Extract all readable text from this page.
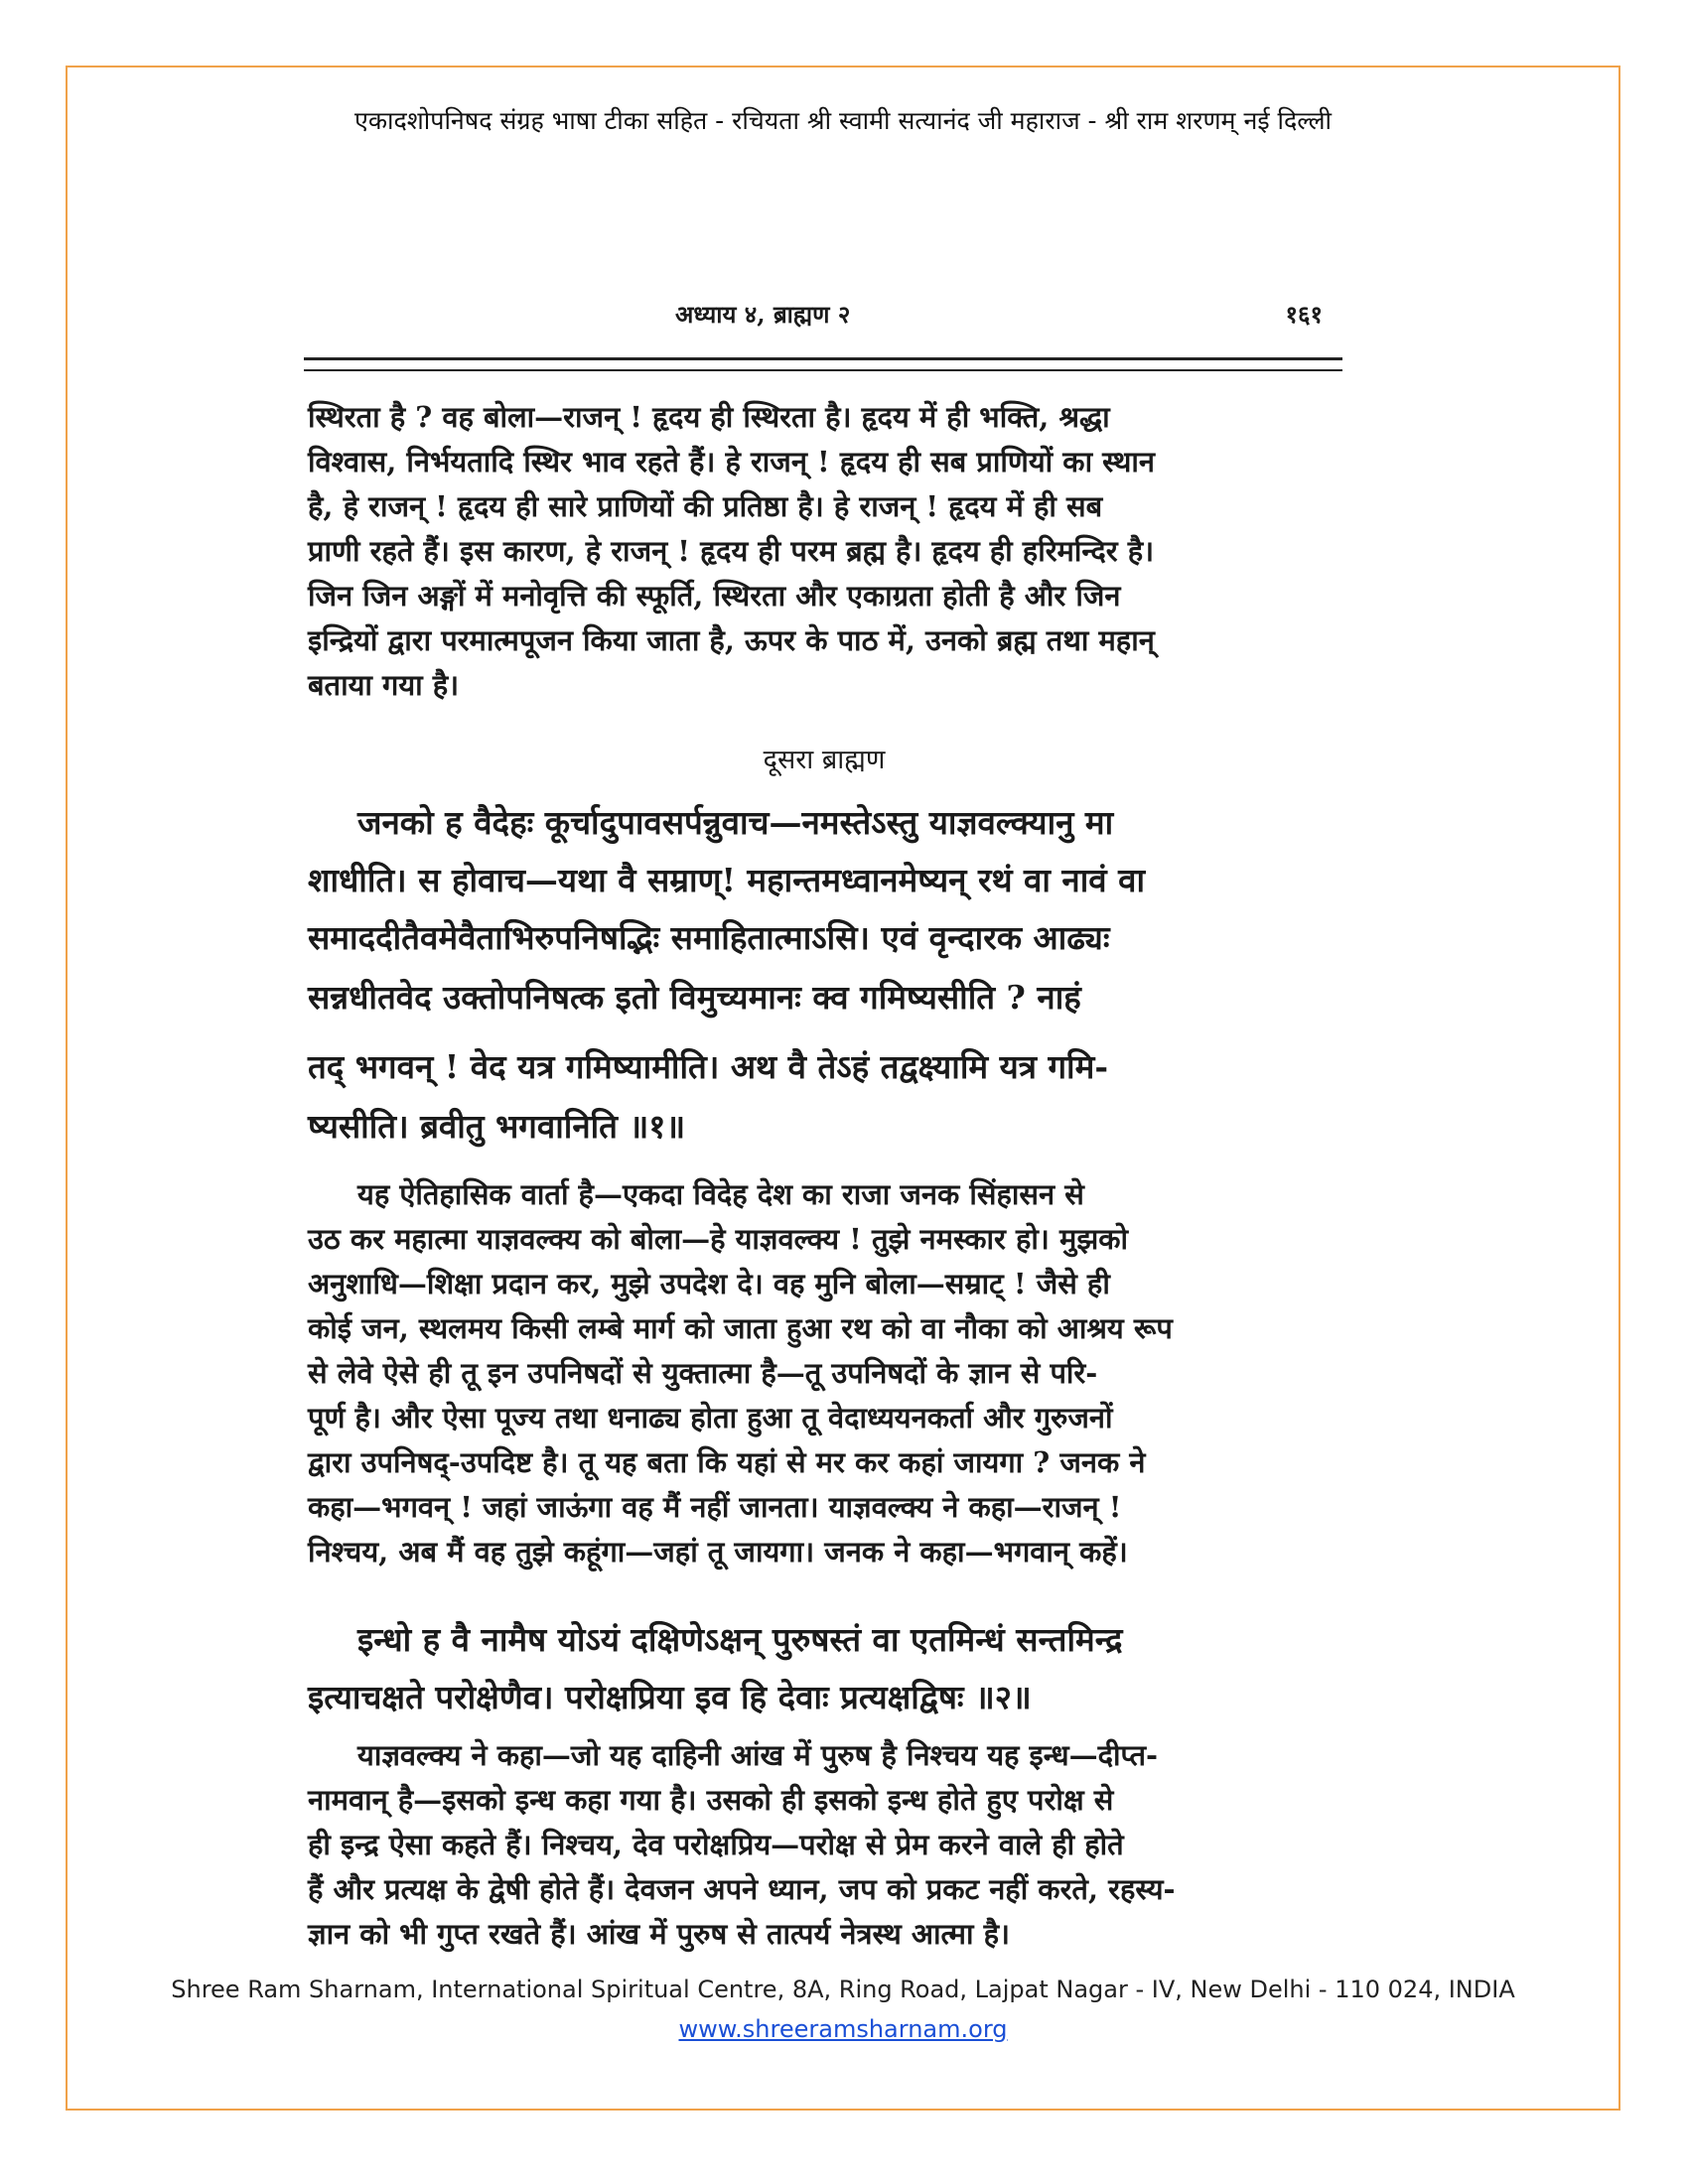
एकादशोपनिषद संग्रह भाषा टीका सहित - रचियता श्री स्वामी सत्यानंद जी महाराज - श्री राम शरणम् नई दिल्ली
अध्याय ४, ब्राह्मण २	१६१
स्थिरता है ? वह बोला—राजन् ! हृदय ही स्थिरता है। हृदय में ही भक्ति, श्रद्धा
विश्वास, निर्भयतादि स्थिर भाव रहते हैं। हे राजन् ! हृदय ही सब प्राणियों का स्थान
है, हे राजन् ! हृदय ही सारे प्राणियों की प्रतिष्ठा है। हे राजन् ! हृदय में ही सब
प्राणी रहते हैं। इस कारण, हे राजन् ! हृदय ही परम ब्रह्म है। हृदय ही हरिमन्दिर है।
जिन जिन अङ्गों में मनोवृत्ति की स्फूर्ति, स्थिरता और एकाग्रता होती है और जिन
इन्द्रियों द्वारा परमात्मपूजन किया जाता है, ऊपर के पाठ में, उनको ब्रह्म तथा महान्
बताया गया है।
दूसरा ब्राह्मण
जनको ह वैदेहः कूर्चादुपावसर्पन्नुवाच—नमस्तेऽस्तु याज्ञवल्क्यानु मा
शाधीति। स होवाच—यथा वै सम्राण्! महान्तमध्वानमेष्यन् रथं वा नावं वा
समाददीतैवमेवैताभिरुपनिषद्भिः समाहितात्माऽसि। एवं वृन्दारक आढ्यः
सन्नधीतवेद उक्तोपनिषत्क इतो विमुच्यमानः क्व गमिष्यसीति ? नाहं
तद् भगवन् ! वेद यत्र गमिष्यामीति। अथ वै तेऽहं तद्वक्ष्यामि यत्र गमि-
ष्यसीति। ब्रवीतु भगवानिति ॥१॥
यह ऐतिहासिक वार्ता है—एकदा विदेह देश का राजा जनक सिंहासन से
उठ कर महात्मा याज्ञवल्क्य को बोला—हे याज्ञवल्क्य ! तुझे नमस्कार हो। मुझको
अनुशाधि—शिक्षा प्रदान कर, मुझे उपदेश दे। वह मुनि बोला—सम्राट् ! जैसे ही
कोई जन, स्थलमय किसी लम्बे मार्ग को जाता हुआ रथ को वा नौका को आश्रय रूप
से लेवे ऐसे ही तू इन उपनिषदों से युक्तात्मा है—तू उपनिषदों के ज्ञान से परि-
पूर्ण है। और ऐसा पूज्य तथा धनाढ्य होता हुआ तू वेदाध्ययनकर्ता और गुरुजनों
द्वारा उपनिषद्-उपदिष्ट है। तू यह बता कि यहां से मर कर कहां जायगा ? जनक ने
कहा—भगवन् ! जहां जाऊंगा वह मैं नहीं जानता। याज्ञवल्क्य ने कहा—राजन् !
निश्चय, अब मैं वह तुझे कहूंगा—जहां तू जायगा। जनक ने कहा—भगवान् कहें।
इन्धो ह वै नामैष योऽयं दक्षिणेऽक्षन् पुरुषस्तं वा एतमिन्धं सन्तमिन्द्र
इत्याचक्षते परोक्षेणैव। परोक्षप्रिया इव हि देवाः प्रत्यक्षद्विषः ॥२॥
याज्ञवल्क्य ने कहा—जो यह दाहिनी आंख में पुरुष है निश्चय यह इन्ध—दीप्त-
नामवान् है—इसको इन्ध कहा गया है। उसको ही इसको इन्ध होते हुए परोक्ष से
ही इन्द्र ऐसा कहते हैं। निश्चय, देव परोक्षप्रिय—परोक्ष से प्रेम करने वाले ही होते
हैं और प्रत्यक्ष के द्वेषी होते हैं। देवजन अपने ध्यान, जप को प्रकट नहीं करते, रहस्य-
ज्ञान को भी गुप्त रखते हैं। आंख में पुरुष से तात्पर्य नेत्रस्थ आत्मा है।
Shree Ram Sharnam, International Spiritual Centre, 8A, Ring Road, Lajpat Nagar - IV, New Delhi - 110 024, INDIA
www.shreeramsharnam.org
